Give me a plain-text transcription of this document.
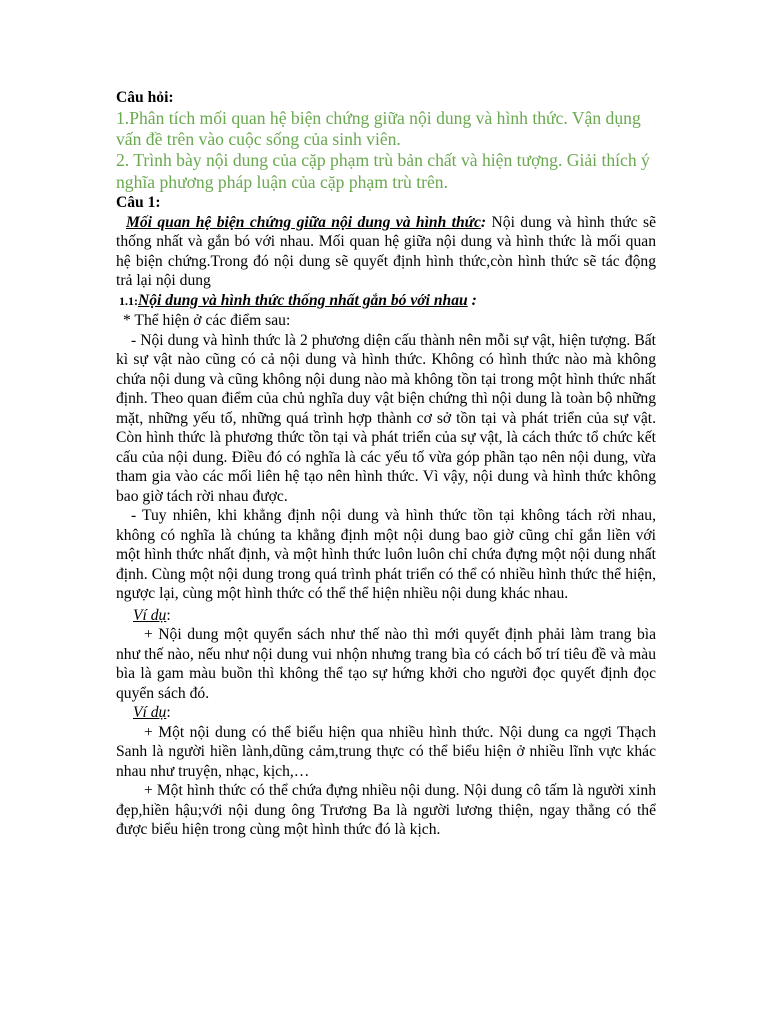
Câu hỏi:
1.Phân tích mối quan hệ biện chứng giữa nội dung và hình thức. Vận dụng vấn đề trên vào cuộc sống của sinh viên.
2. Trình bày nội dung của cặp phạm trù bản chất và hiện tượng. Giải thích ý nghĩa phương pháp luận của cặp phạm trù trên.
Câu 1:
Mối quan hệ biện chứng giữa nội dung và hình thức: Nội dung và hình thức sẽ thống nhất và gắn bó với nhau. Mối quan hệ giữa nội dung và hình thức là mối quan hệ biện chứng.Trong đó nội dung sẽ quyết định hình thức,còn hình thức sẽ tác động trả lại nội dung
1.1:Nội dung và hình thức thống nhất gắn bó với nhau :
* Thể hiện ở các điểm sau:
- Nội dung và hình thức là 2 phương diện cấu thành nên mỗi sự vật, hiện tượng. Bất kì sự vật nào cũng có cả nội dung và hình thức. Không có hình thức nào mà không chứa nội dung và cũng không nội dung nào mà không tồn tại trong một hình thức nhất định. Theo quan điểm của chủ nghĩa duy vật biện chứng thì nội dung là toàn bộ những mặt, những yếu tố, những quá trình hợp thành cơ sở tồn tại và phát triển của sự vật. Còn hình thức là phương thức tồn tại và phát triển của sự vật, là cách thức tổ chức kết cấu của nội dung. Điều đó có nghĩa là các yếu tố vừa góp phần tạo nên nội dung, vừa tham gia vào các mối liên hệ tạo nên hình thức. Vì vậy, nội dung và hình thức không bao giờ tách rời nhau được.
- Tuy nhiên, khi khẳng định nội dung và hình thức tồn tại không tách rời nhau, không có nghĩa là chúng ta khẳng định một nội dung bao giờ cũng chỉ gắn liền với một hình thức nhất định, và một hình thức luôn luôn chỉ chứa đựng một nội dung nhất định. Cùng một nội dung trong quá trình phát triển có thể có nhiều hình thức thể hiện, ngược lại, cùng một hình thức có thể thể hiện nhiều nội dung khác nhau.
Ví dụ:
+ Nội dung một quyển sách như thế nào thì mới quyết định phải làm trang bìa như thế nào, nếu như nội dung vui nhộn nhưng trang bìa có cách bố trí tiêu đề và màu bìa là gam màu buồn thì không thể tạo sự hứng khởi cho người đọc quyết định đọc quyển sách đó.
Ví dụ:
+ Một nội dung có thể biểu hiện qua nhiều hình thức. Nội dung ca ngợi Thạch Sanh là người hiền lành,dũng cảm,trung thực có thể biểu hiện ở nhiều lĩnh vực khác nhau như truyện, nhạc, kịch,…
+ Một hình thức có thể chứa đựng nhiều nội dung. Nội dung cô tấm là người xinh đẹp,hiền hậu;với nội dung ông Trương Ba là người lương thiện, ngay thẳng có thể được biểu hiện trong cùng một hình thức đó là kịch.
